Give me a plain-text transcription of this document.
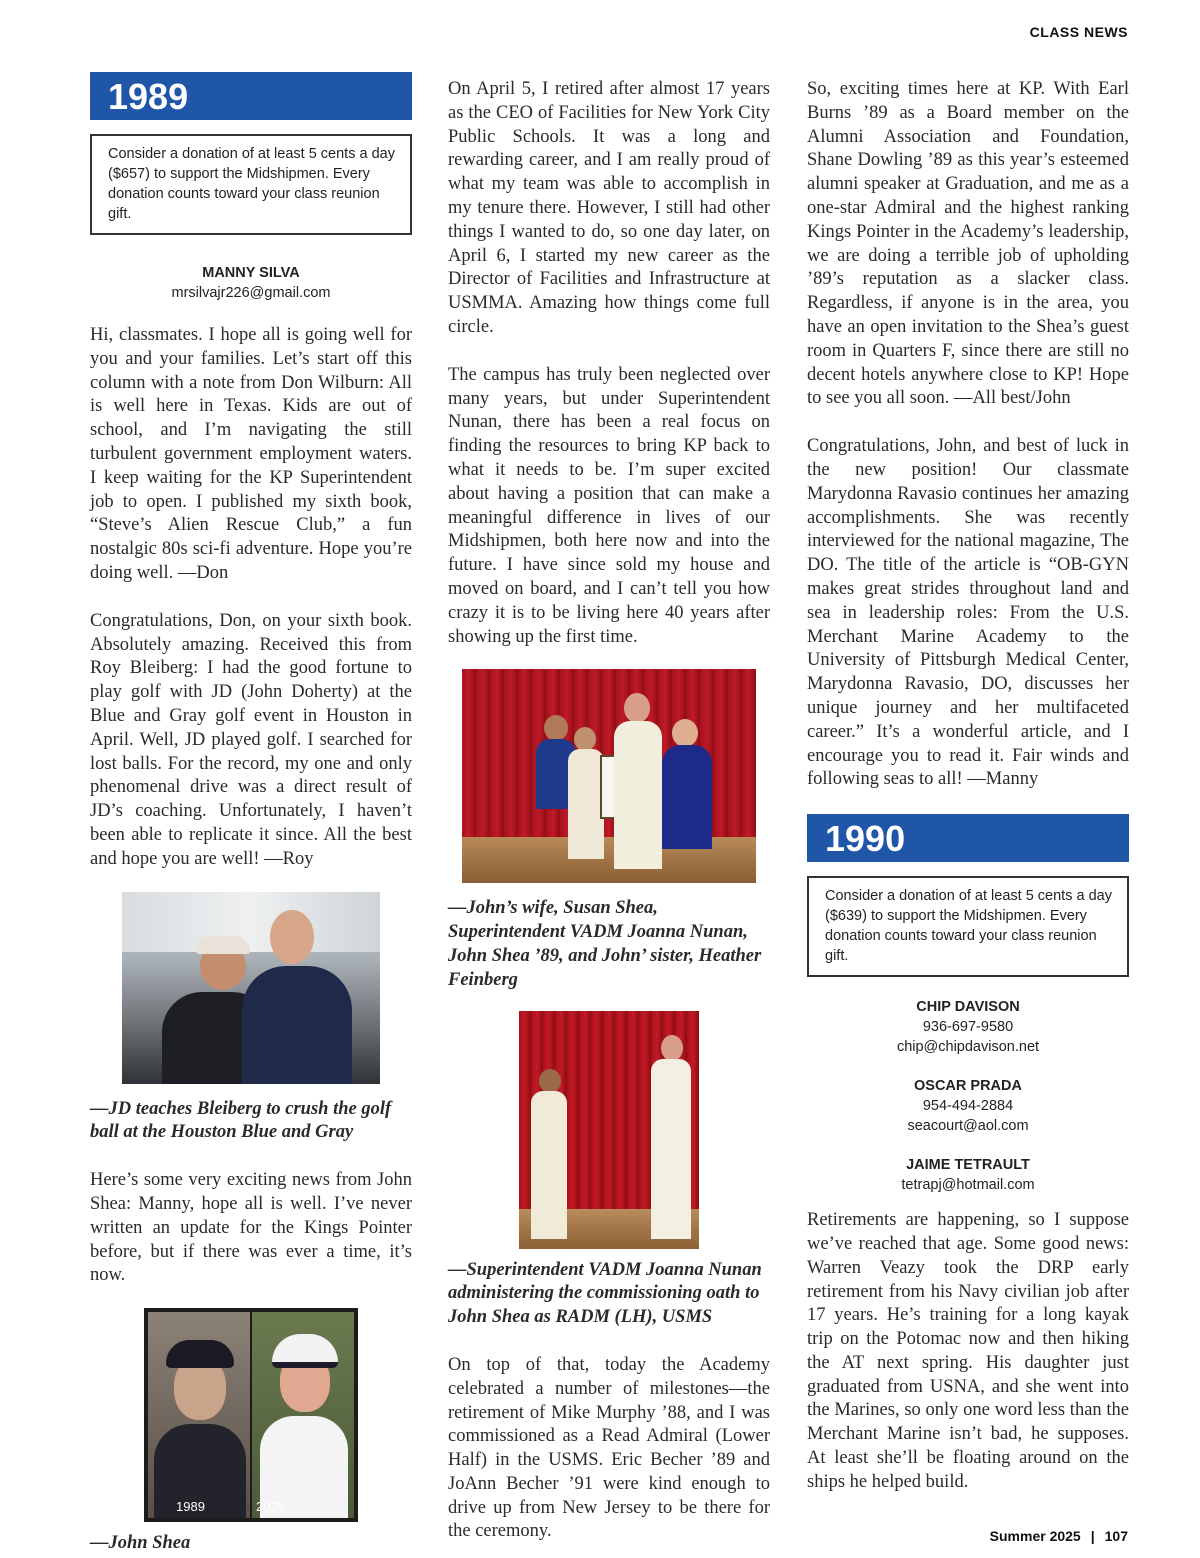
CLASS NEWS
1989
Consider a donation of at least 5 cents a day ($657) to support the Midshipmen. Every donation counts toward your class reunion gift.
MANNY SILVA
mrsilvajr226@gmail.com

Hi, classmates. I hope all is going well for you and your families. Let’s start off this column with a note from Don Wilburn: All is well here in Texas. Kids are out of school, and I’m navigating the still turbulent government employment waters. I keep waiting for the KP Superintendent job to open. I published my sixth book, “Steve’s Alien Rescue Club,” a fun nostalgic 80s sci-fi adventure. Hope you’re doing well. —Don

Congratulations, Don, on your sixth book. Absolutely amazing. Received this from Roy Bleiberg: I had the good fortune to play golf with JD (John Doherty) at the Blue and Gray golf event in Houston in April. Well, JD played golf. I searched for lost balls. For the record, my one and only phenomenal drive was a direct result of JD’s coaching. Unfortunately, I haven’t been able to replicate it since. All the best and hope you are well! —Roy

—JD teaches Bleiberg to crush the golf ball at the Houston Blue and Gray

Here’s some very exciting news from John Shea: Manny, hope all is well. I’ve never written an update for the Kings Pointer before, but if there was ever a time, it’s now.

1989	2025

—John Shea

On April 5, I retired after almost 17 years as the CEO of Facilities for New York City Public Schools. It was a long and rewarding career, and I am really proud of what my team was able to accomplish in my tenure there. However, I still had other things I wanted to do, so one day later, on April 6, I started my new career as the Director of Facilities and Infrastructure at USMMA. Amazing how things come full circle.

The campus has truly been neglected over many years, but under Superintendent Nunan, there has been a real focus on finding the resources to bring KP back to what it needs to be. I’m super excited about having a position that can make a meaningful difference in lives of our Midshipmen, both here now and into the future. I have since sold my house and moved on board, and I can’t tell you how crazy it is to be living here 40 years after showing up the first time.

—John’s wife, Susan Shea, Superintendent VADM Joanna Nunan, John Shea ’89, and John’ sister, Heather Feinberg

—Superintendent VADM Joanna Nunan administering the commissioning oath to John Shea as RADM (LH), USMS

On top of that, today the Academy celebrated a number of milestones—the retirement of Mike Murphy ’88, and I was commissioned as a Read Admiral (Lower Half) in the USMS. Eric Becher ’89 and JoAnn Becher ’91 were kind enough to drive up from New Jersey to be there for the ceremony.

So, exciting times here at KP. With Earl Burns ’89 as a Board member on the Alumni Association and Foundation, Shane Dowling ’89 as this year’s esteemed alumni speaker at Graduation, and me as a one-star Admiral and the highest ranking Kings Pointer in the Academy’s leadership, we are doing a terrible job of upholding ’89’s reputation as a slacker class. Regardless, if anyone is in the area, you have an open invitation to the Shea’s guest room in Quarters F, since there are still no decent hotels anywhere close to KP! Hope to see you all soon. —All best/John

Congratulations, John, and best of luck in the new position! Our classmate Marydonna Ravasio continues her amazing accomplishments. She was recently interviewed for the national magazine, The DO. The title of the article is “OB-GYN makes great strides throughout land and sea in leadership roles: From the U.S. Merchant Marine Academy to the University of Pittsburgh Medical Center, Marydonna Ravasio, DO, discusses her unique journey and her multifaceted career.” It’s a wonderful article, and I encourage you to read it. Fair winds and following seas to all! —Manny

1990
Consider a donation of at least 5 cents a day ($639) to support the Midshipmen. Every donation counts toward your class reunion gift.
CHIP DAVISON
936-697-9580
chip@chipdavison.net
OSCAR PRADA
954-494-2884
seacourt@aol.com
JAIME TETRAULT
tetrapj@hotmail.com

Retirements are happening, so I suppose we’ve reached that age. Some good news: Warren Veazy took the DRP early retirement from his Navy civilian job after 17 years. He’s training for a long kayak trip on the Potomac now and then hiking the AT next spring. His daughter just graduated from USNA, and she went into the Marines, so only one word less than the Merchant Marine isn’t bad, he supposes. At least she’ll be floating around on the ships he helped build.

Summer 2025 | 107
